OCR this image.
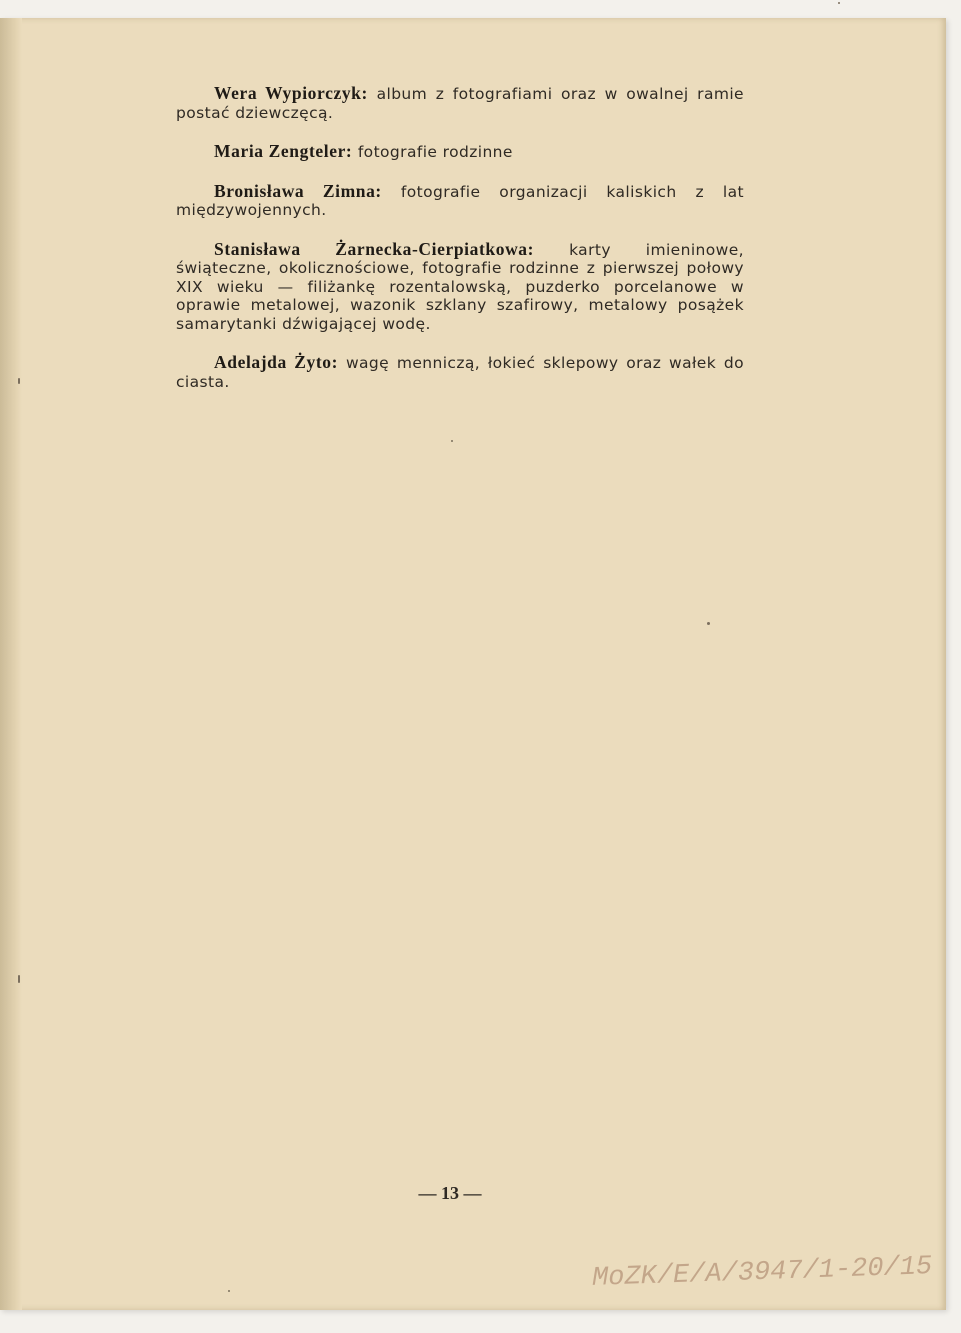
Wera Wypiorczyk: album z fotografiami oraz w owalnej ramie postać dziewczęcą.

Maria Zengteler: fotografie rodzinne

Bronisława Zimna: fotografie organizacji kaliskich z lat międzywojennych.

Stanisława Żarnecka-Cierpiatkowa: karty imieninowe, świąteczne, okolicznościowe, fotografie rodzinne z pierwszej połowy XIX wieku — filiżankę rozentalowską, puzderko porcelanowe w oprawie metalowej, wazonik szklany szafirowy, metalowy posążek samarytanki dźwigającej wodę.

Adelajda Żyto: wagę menniczą, łokieć sklepowy oraz wałek do ciasta.

— 13 —
MoZK/E/A/3947/1-20/15
